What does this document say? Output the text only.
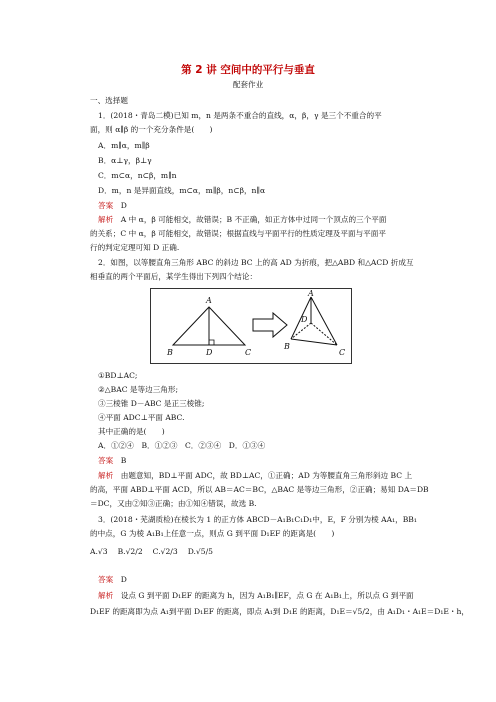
第 2 讲 空间中的平行与垂直
配套作业
一、选择题
1．(2018・青岛二模)已知 m，n 是两条不重合的直线，α，β，γ 是三个不重合的平
面，则 α∥β 的一个充分条件是(　　)
A．m∥α，m∥β
B．α⊥γ，β⊥γ
C．m⊂α，n⊂β，m∥n
D．m，n 是异面直线，m⊂α，m∥β，n⊂β，n∥α
答案　 D
解析　 A 中 α，β 可能相交，故错误；B 不正确，如正方体中过同一个顶点的三个平面
的关系；C 中 α，β 可能相交，故错误；根据直线与平面平行的性质定理及平面与平面平
行的判定定理可知 D 正确.
2．如图，以等腰直角三角形 ABC 的斜边 BC 上的高 AD 为折痕，把△ABD 和△ACD 折成互
相垂直的两个平面后，某学生得出下列四个结论：
A
B	D	C
A
D
B
C
①BD⊥AC;
②△BAC 是等边三角形;
③三棱锥 D－ABC 是正三棱锥;
④平面 ADC⊥平面 ABC.
其中正确的是(　　)
A．①②④　B．①②③　C．②③④　D．①③④
答案　 B
解析　 由题意知，BD⊥平面 ADC，故 BD⊥AC，①正确；AD 为等腰直角三角形斜边 BC 上
的高，平面 ABD⊥平面 ACD，所以 AB＝AC＝BC，△BAC 是等边三角形，②正确；易知 DA＝DB
＝DC，又由②知③正确；由①知④错误，故选 B.
3．(2018・芜湖质检)在棱长为 1 的正方体 ABCD－A₁B₁C₁D₁中，E，F 分别为棱 AA₁，BB₁
的中点，G 为棱 A₁B₁上任意一点，则点 G 到平面 D₁EF 的距离是(　　)
A.√3　 B.√2/2　 C.√2/3　 D.√5/5
答案　 D
解析　 设点 G 到平面 D₁EF 的距离为 h，因为 A₁B₁∥EF，点 G 在 A₁B₁上，所以点 G 到平面
D₁EF 的距离即为点 A₁到平面 D₁EF 的距离，即点 A₁到 D₁E 的距离，D₁E＝√5/2，由 A₁D₁・A₁E＝D₁E・h，
